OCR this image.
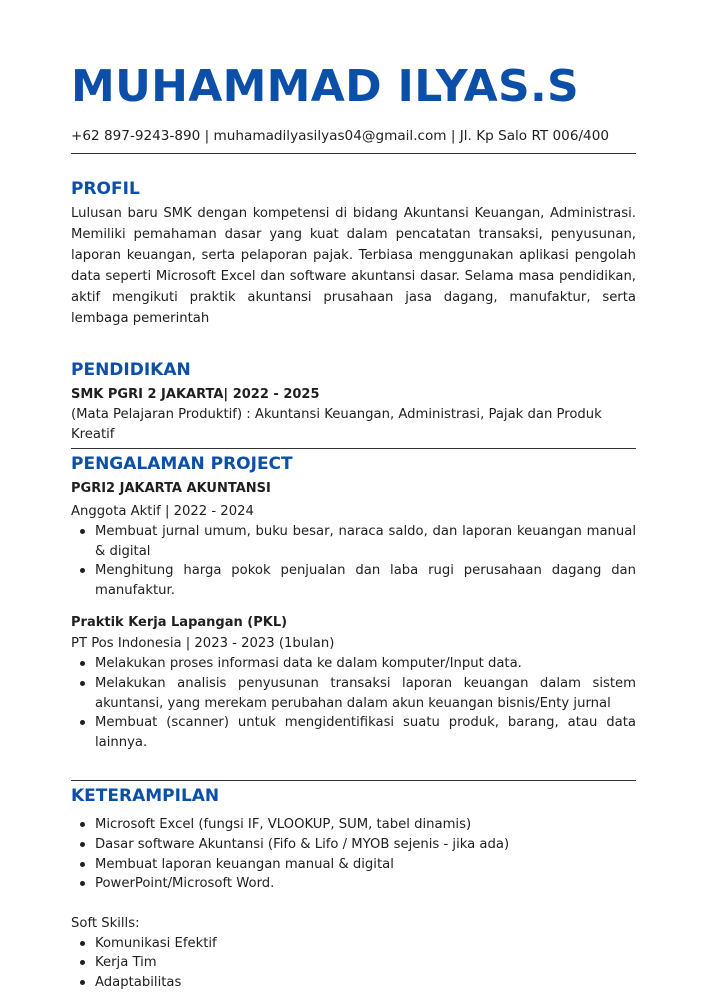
MUHAMMAD ILYAS.S
+62 897-9243-890 | muhamadilyasilyas04@gmail.com | Jl. Kp Salo RT 006/400
PROFIL

Lulusan baru SMK dengan kompetensi di bidang Akuntansi Keuangan, Administrasi. Memiliki pemahaman dasar yang kuat dalam pencatatan transaksi, penyusunan, laporan keuangan, serta pelaporan pajak. Terbiasa menggunakan aplikasi pengolah data seperti Microsoft Excel dan software akuntansi dasar. Selama masa pendidikan, aktif mengikuti praktik akuntansi prusahaan jasa dagang, manufaktur, serta lembaga pemerintah

PENDIDIKAN
SMK PGRI 2 JAKARTA| 2022 - 2025

(Mata Pelajaran Produktif) : Akuntansi Keuangan, Administrasi, Pajak dan Produk Kreatif

PENGALAMAN PROJECT
PGRI2 JAKARTA AKUNTANSI
Anggota Aktif | 2022 - 2024
Membuat jurnal umum, buku besar, naraca saldo, dan laporan keuangan manual & digital
Menghitung harga pokok penjualan dan laba rugi perusahaan dagang dan manufaktur.
Praktik Kerja Lapangan (PKL)
PT Pos Indonesia | 2023 - 2023 (1bulan)
Melakukan proses informasi data ke dalam komputer/Input data.
Melakukan analisis penyusunan transaksi laporan keuangan dalam sistem akuntansi, yang merekam perubahan dalam akun keuangan bisnis/Enty jurnal
Membuat (scanner) untuk mengidentifikasi suatu produk, barang, atau data lainnya.
KETERAMPILAN
Microsoft Excel (fungsi IF, VLOOKUP, SUM, tabel dinamis)
Dasar software Akuntansi (Fifo & Lifo / MYOB sejenis - jika ada)
Membuat laporan keuangan manual & digital
PowerPoint/Microsoft Word.
Soft Skills:
Komunikasi Efektif
Kerja Tim
Adaptabilitas
